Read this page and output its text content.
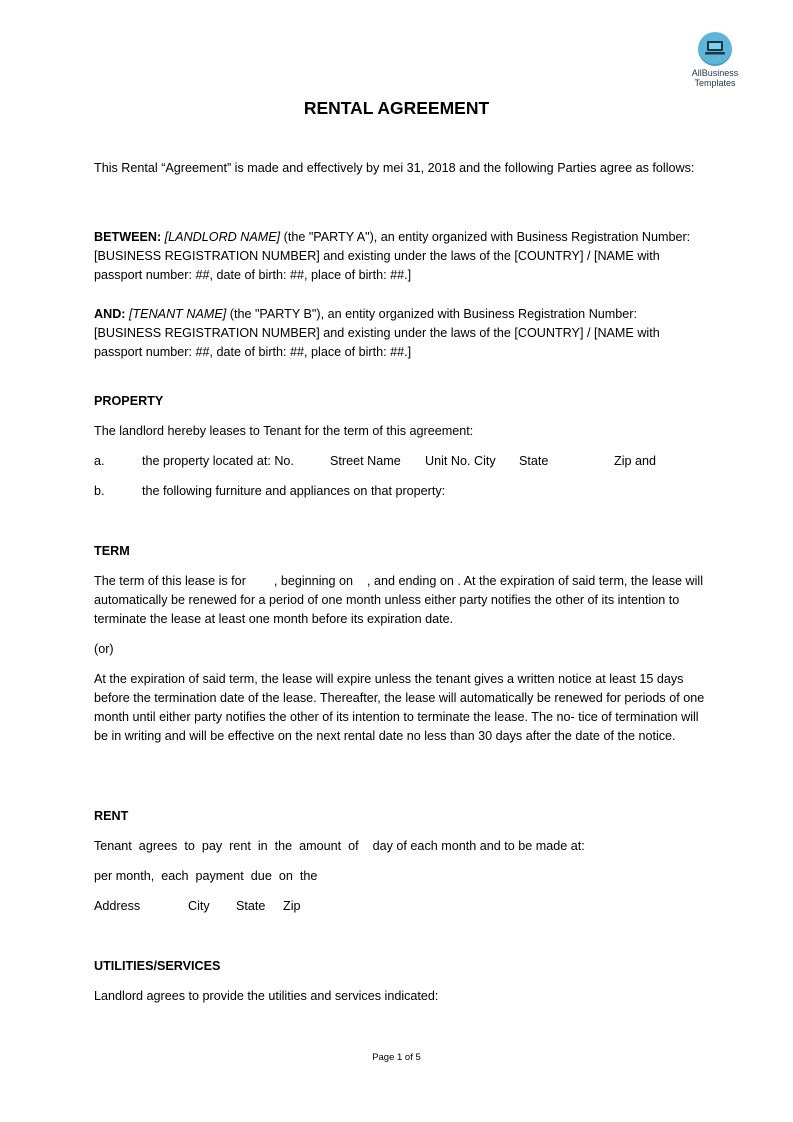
AllBusiness
Templates
RENTAL AGREEMENT

This Rental “Agreement” is made and effectively by mei 31, 2018 and the following Parties agree as follows:

BETWEEN: [LANDLORD NAME] (the "PARTY A"), an entity organized with Business Registration Number: [BUSINESS REGISTRATION NUMBER] and existing under the laws of the [COUNTRY] / [NAME with passport number: ##, date of birth: ##, place of birth: ##.]

AND: [TENANT NAME] (the "PARTY B"), an entity organized with Business Registration Number: [BUSINESS REGISTRATION NUMBER] and existing under the laws of the [COUNTRY] / [NAME with passport number: ##, date of birth: ##, place of birth: ##.]

PROPERTY

The landlord hereby leases to Tenant for the term of this agreement:

a.	the property located at: No.	Street Name Unit No. City State	Zip and
b.	the following furniture and appliances on that property:

TERM

The term of this lease is for        , beginning on    , and ending on . At the expiration of said term, the lease will automatically be renewed for a period of one month unless either party notifies the other of its intention to terminate the lease at least one month before its expiration date.

(or)

At the expiration of said term, the lease will expire unless the tenant gives a written notice at least 15 days before the termination date of the lease. Thereafter, the lease will automatically be renewed for periods of one month until either party notifies the other of its intention to terminate the lease. The no- tice of termination will be in writing and will be effective on the next rental date no less than 30 days after the date of the notice.

RENT

Tenant  agrees  to  pay  rent  in  the  amount  of    day of each month and to be made at:
per month,  each  payment  due  on  the
Address	City State Zip

UTILITIES/SERVICES

Landlord agrees to provide the utilities and services indicated:

Page 1 of 5
